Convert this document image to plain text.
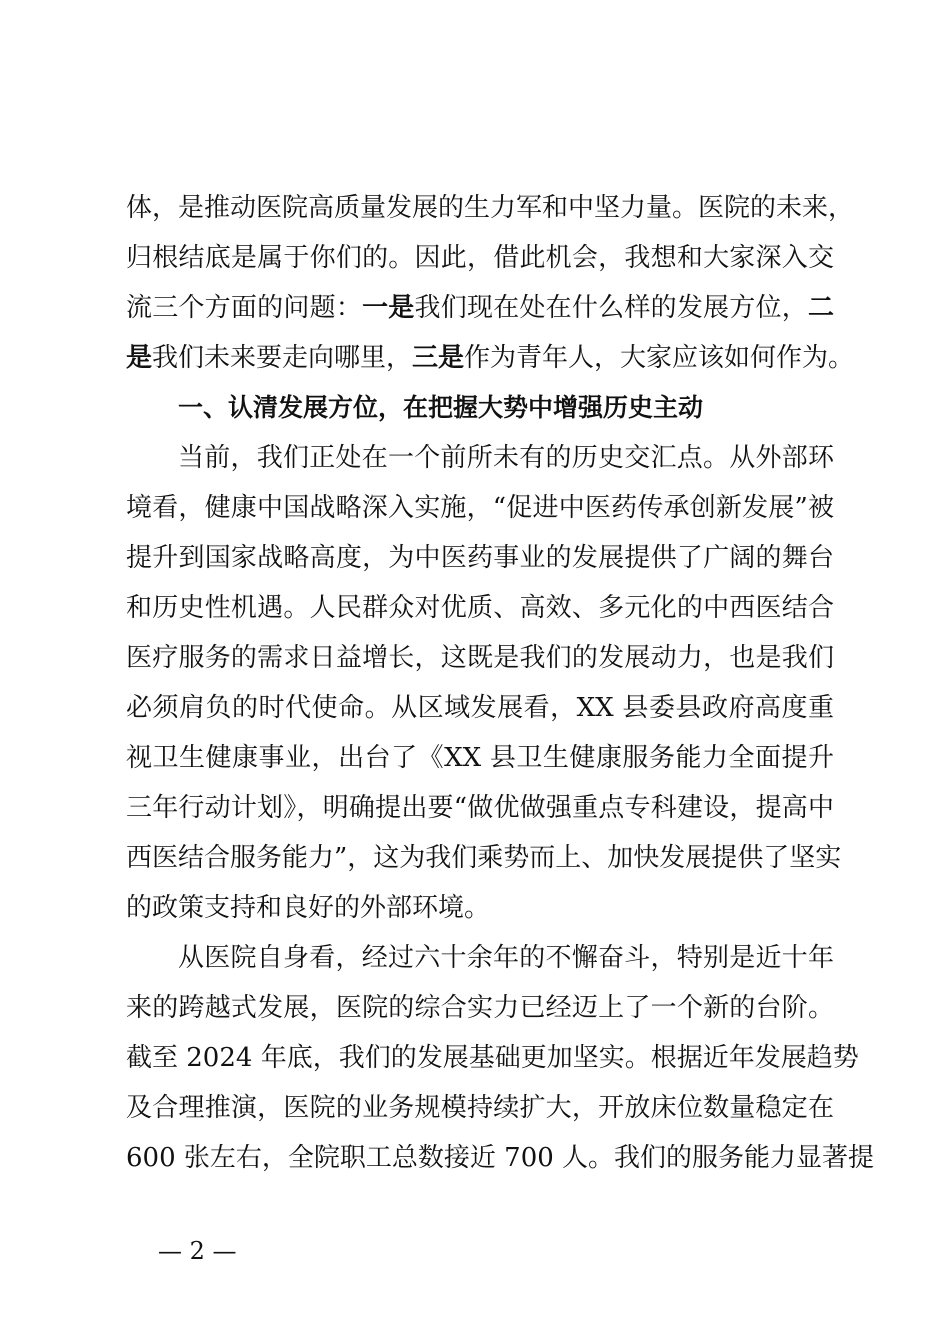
体，是推动医院高质量发展的生力军和中坚力量。医院的未来，
归根结底是属于你们的。因此，借此机会，我想和大家深入交
流三个方面的问题：一是我们现在处在什么样的发展方位，二
是我们未来要走向哪里，三是作为青年人，大家应该如何作为。
一、认清发展方位，在把握大势中增强历史主动
当前，我们正处在一个前所未有的历史交汇点。从外部环
境看，健康中国战略深入实施，“促进中医药传承创新发展”被
提升到国家战略高度，为中医药事业的发展提供了广阔的舞台
和历史性机遇。人民群众对优质、高效、多元化的中西医结合
医疗服务的需求日益增长，这既是我们的发展动力，也是我们
必须肩负的时代使命。从区域发展看，XX 县委县政府高度重
视卫生健康事业，出台了《XX 县卫生健康服务能力全面提升
三年行动计划》，明确提出要“做优做强重点专科建设，提高中
西医结合服务能力”，这为我们乘势而上、加快发展提供了坚实
的政策支持和良好的外部环境。
从医院自身看，经过六十余年的不懈奋斗，特别是近十年
来的跨越式发展，医院的综合实力已经迈上了一个新的台阶。
截至 2024 年底，我们的发展基础更加坚实。根据近年发展趋势
及合理推演，医院的业务规模持续扩大，开放床位数量稳定在
600 张左右，全院职工总数接近 700 人。我们的服务能力显著提
— 2 —
